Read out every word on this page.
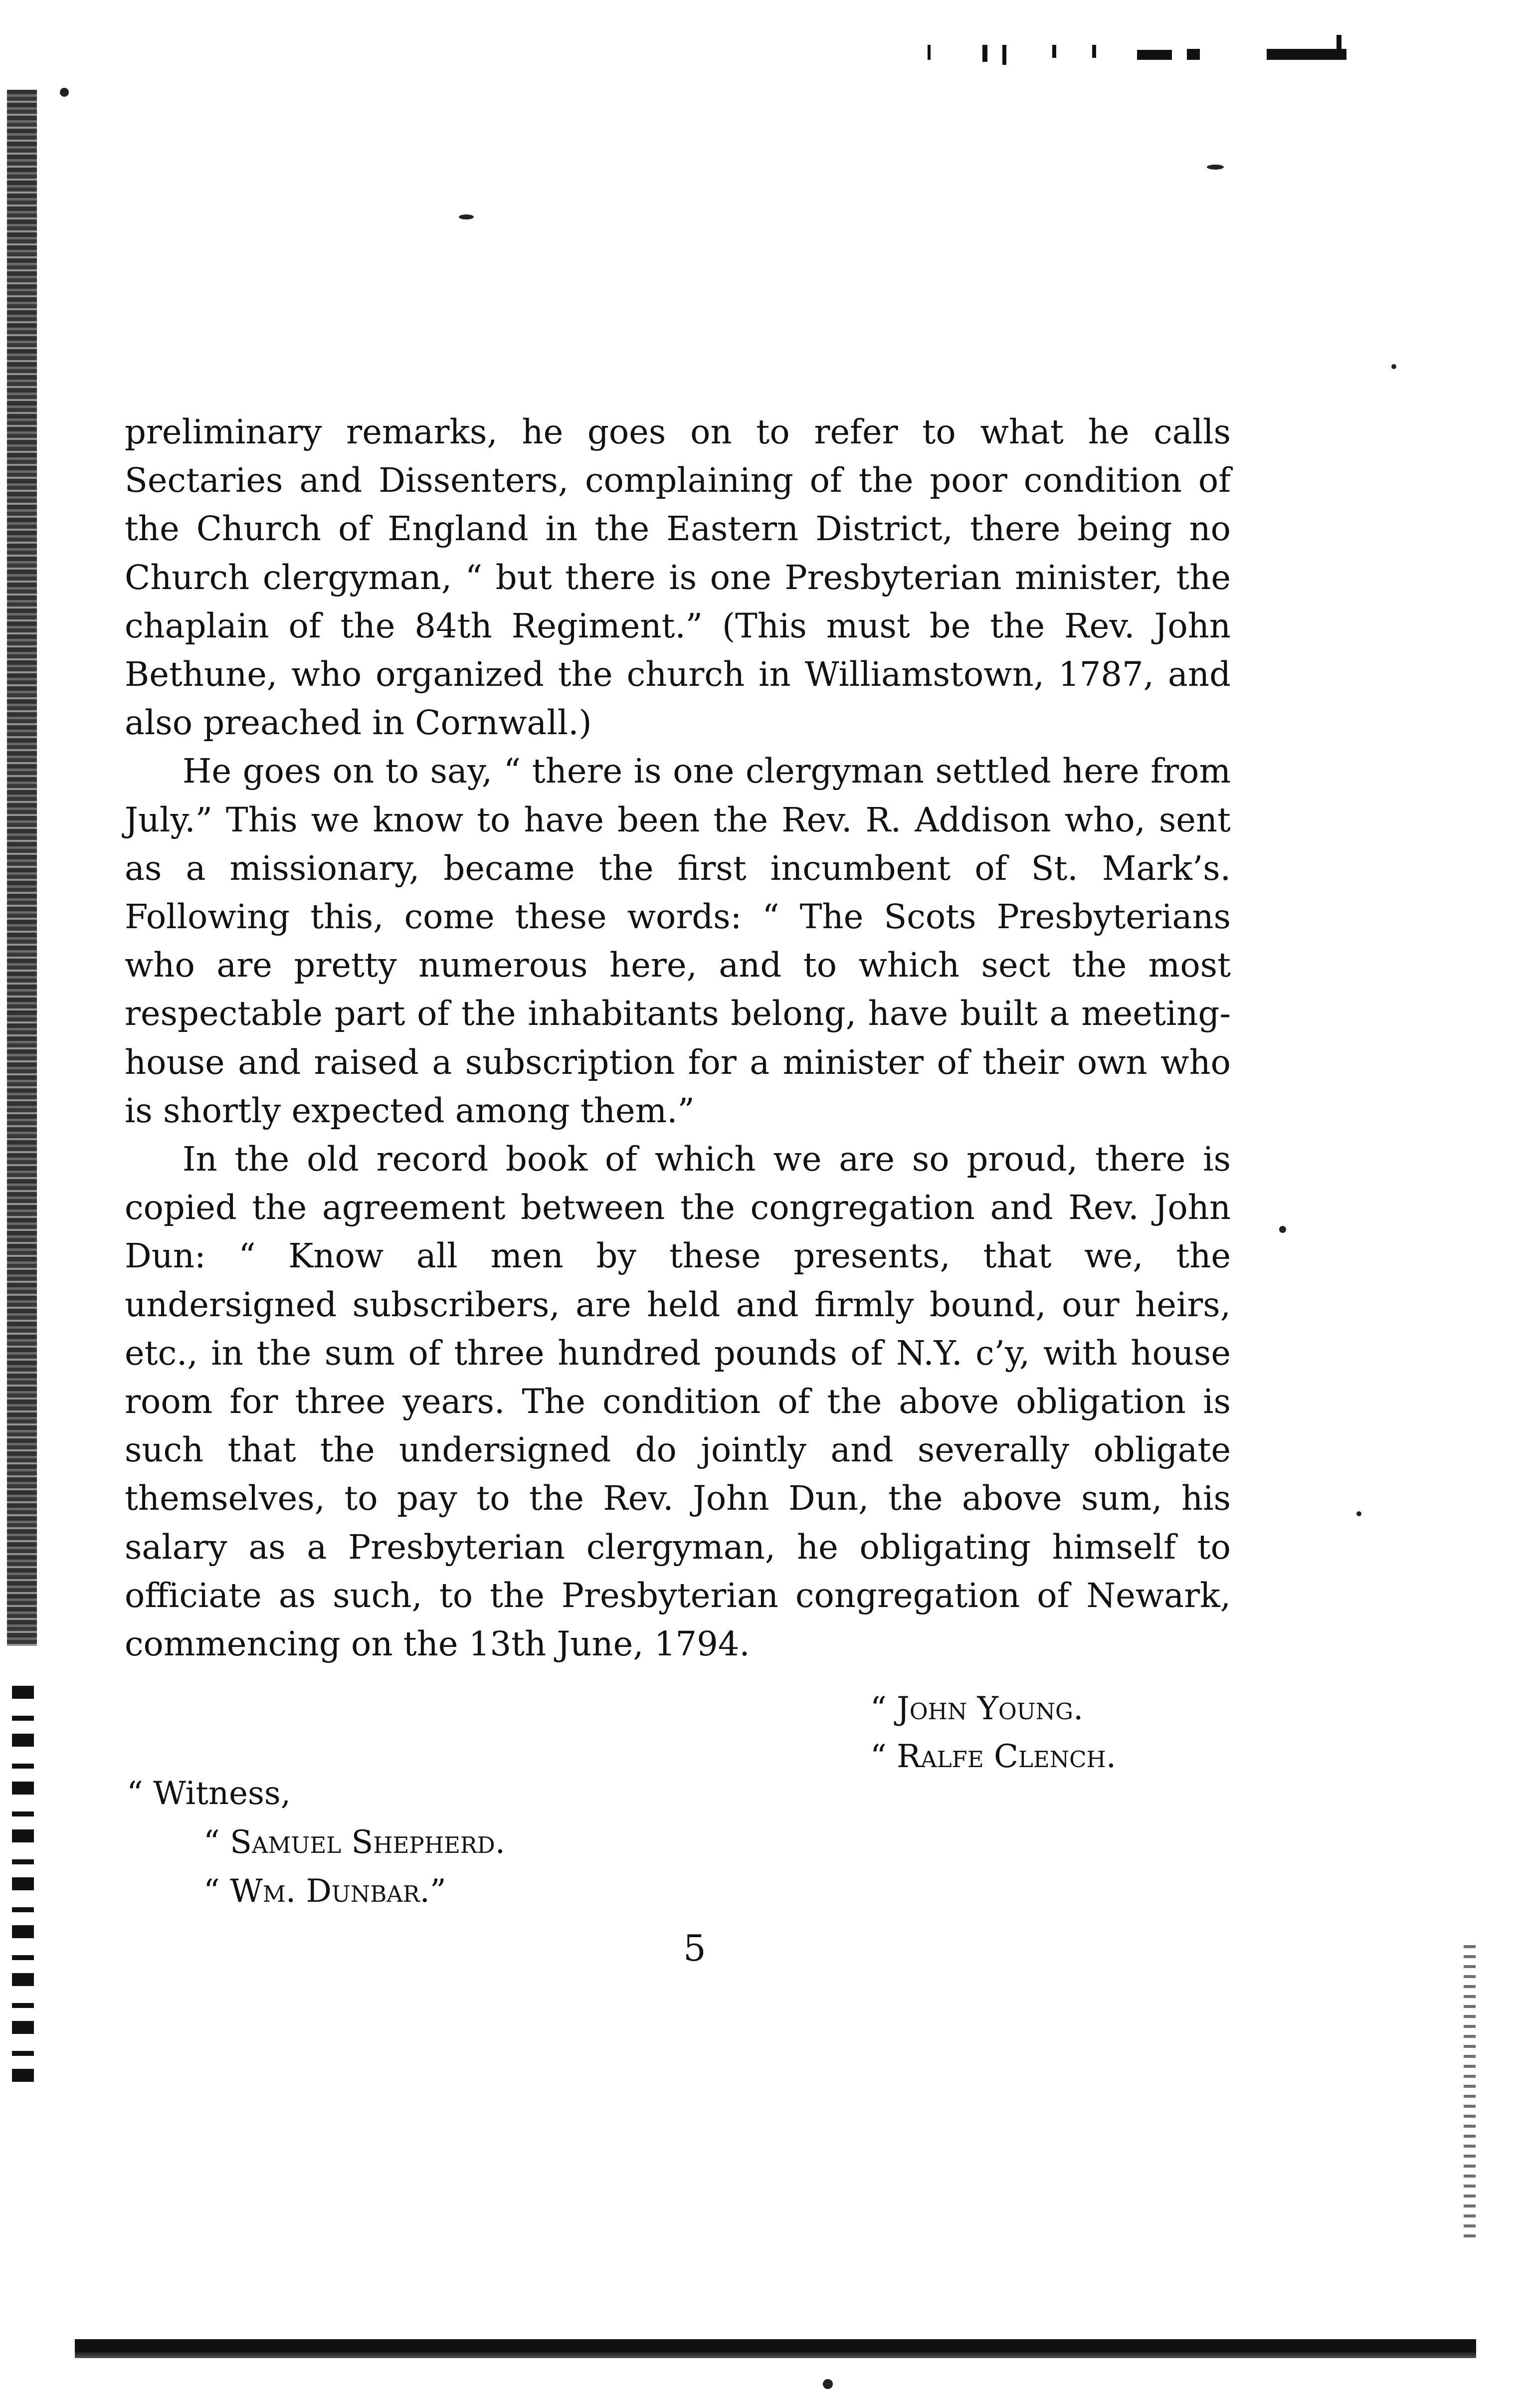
preliminary remarks, he goes on to refer to what he calls Sectaries and Dissenters, complaining of the poor condition of the Church of England in the Eastern District, there being no Church clergyman, “ but there is one Presbyterian minister, the chaplain of the 84th Regiment.” (This must be the Rev. John Bethune, who organized the church in Williamstown, 1787, and also preached in Cornwall.)

He goes on to say, “ there is one clergyman settled here from July.” This we know to have been the Rev. R. Addison who, sent as a missionary, became the first incumbent of St. Mark’s. Following this, come these words: “ The Scots Presbyterians who are pretty numerous here, and to which sect the most respectable part of the inhabitants belong, have built a meeting-house and raised a subscription for a minister of their own who is shortly expected among them.”

In the old record book of which we are so proud, there is copied the agreement between the congregation and Rev. John Dun: “ Know all men by these presents, that we, the undersigned subscribers, are held and firmly bound, our heirs, etc., in the sum of three hundred pounds of N.Y. c’y, with house room for three years. The condition of the above obligation is such that the undersigned do jointly and severally obligate themselves, to pay to the Rev. John Dun, the above sum, his salary as a Presbyterian clergyman, he obligating himself to officiate as such, to the Presbyterian congregation of Newark, commencing on the 13th June, 1794.

“ John Young.
“ Ralfe Clench.
“ Witness,
“ Samuel Shepherd.
“ Wm. Dunbar.”
5
